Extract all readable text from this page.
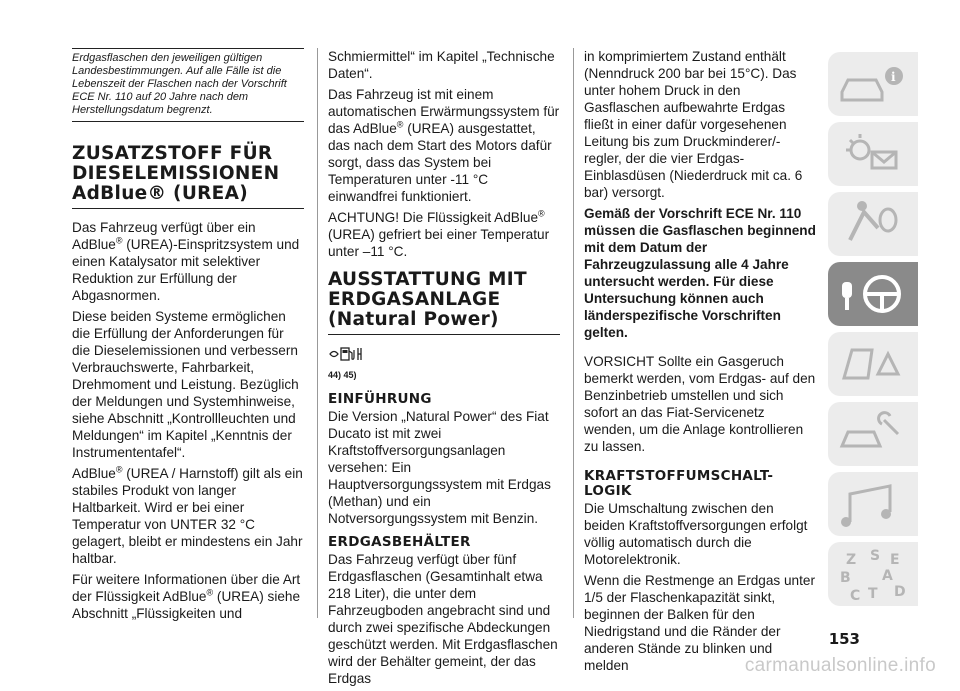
Erdgasflaschen den jeweiligen gültigen Landesbestimmungen. Auf alle Fälle ist die Lebenszeit der Flaschen nach der Vorschrift ECE Nr. 110 auf 20 Jahre nach dem Herstellungsdatum begrenzt.
ZUSATZSTOFF FÜR DIESELEMISSIONEN AdBlue® (UREA)

Das Fahrzeug verfügt über ein AdBlue® (UREA)-Einspritzsystem und einen Katalysator mit selektiver Reduktion zur Erfüllung der Abgasnormen.

Diese beiden Systeme ermöglichen die Erfüllung der Anforderungen für die Dieselemissionen und verbessern Verbrauchswerte, Fahrbarkeit, Drehmoment und Leistung. Bezüglich der Meldungen und Systemhinweise, siehe Abschnitt „Kontrollleuchten und Meldungen“ im Kapitel „Kenntnis der Instrumententafel“.

AdBlue® (UREA / Harnstoff) gilt als ein stabiles Produkt von langer Haltbarkeit. Wird er bei einer Temperatur von UNTER 32 °C gelagert, bleibt er mindestens ein Jahr haltbar.

Für weitere Informationen über die Art der Flüssigkeit AdBlue® (UREA) siehe Abschnitt „Flüssigkeiten und

Schmiermittel“ im Kapitel „Technische Daten“.

Das Fahrzeug ist mit einem automatischen Erwärmungssystem für das AdBlue® (UREA) ausgestattet, das nach dem Start des Motors dafür sorgt, dass das System bei Temperaturen unter -11 °C einwandfrei funktioniert.

ACHTUNG! Die Flüssigkeit AdBlue® (UREA) gefriert bei einer Temperatur unter –11 °C.

AUSSTATTUNG MIT ERDGASANLAGE (Natural Power)
44) 45)
EINFÜHRUNG

Die Version „Natural Power“ des Fiat Ducato ist mit zwei Kraftstoffversorgungsanlagen versehen: Ein Hauptversorgungssystem mit Erdgas (Methan) und ein Notversorgungssystem mit Benzin.

ERDGASBEHÄLTER

Das Fahrzeug verfügt über fünf Erdgasflaschen (Gesamtinhalt etwa 218 Liter), die unter dem Fahrzeugboden angebracht sind und durch zwei spezifische Abdeckungen geschützt werden. Mit Erdgasflaschen wird der Behälter gemeint, der das Erdgas

in komprimiertem Zustand enthält (Nenndruck 200 bar bei 15°C). Das unter hohem Druck in den Gasflaschen aufbewahrte Erdgas fließt in einer dafür vorgesehenen Leitung bis zum Druckminderer/-regler, der die vier Erdgas-Einblasdüsen (Niederdruck mit ca. 6 bar) versorgt.

Gemäß der Vorschrift ECE Nr. 110 müssen die Gasflaschen beginnend mit dem Datum der Fahrzeugzulassung alle 4 Jahre untersucht werden. Für diese Untersuchung können auch länderspezifische Vorschriften gelten.

VORSICHT Sollte ein Gasgeruch bemerkt werden, vom Erdgas- auf den Benzinbetrieb umstellen und sich sofort an das Fiat-Servicenetz wenden, um die Anlage kontrollieren zu lassen.

KRAFTSTOFFUMSCHALT-LOGIK

Die Umschaltung zwischen den beiden Kraftstoffversorgungen erfolgt völlig automatisch durch die Motorelektronik.

Wenn die Restmenge an Erdgas unter 1/5 der Flaschenkapazität sinkt, beginnen der Balken für den Niedrigstand und die Ränder der anderen Stände zu blinken und melden

i
Z S E
B A
C T D
153
carmanualsonline.info
